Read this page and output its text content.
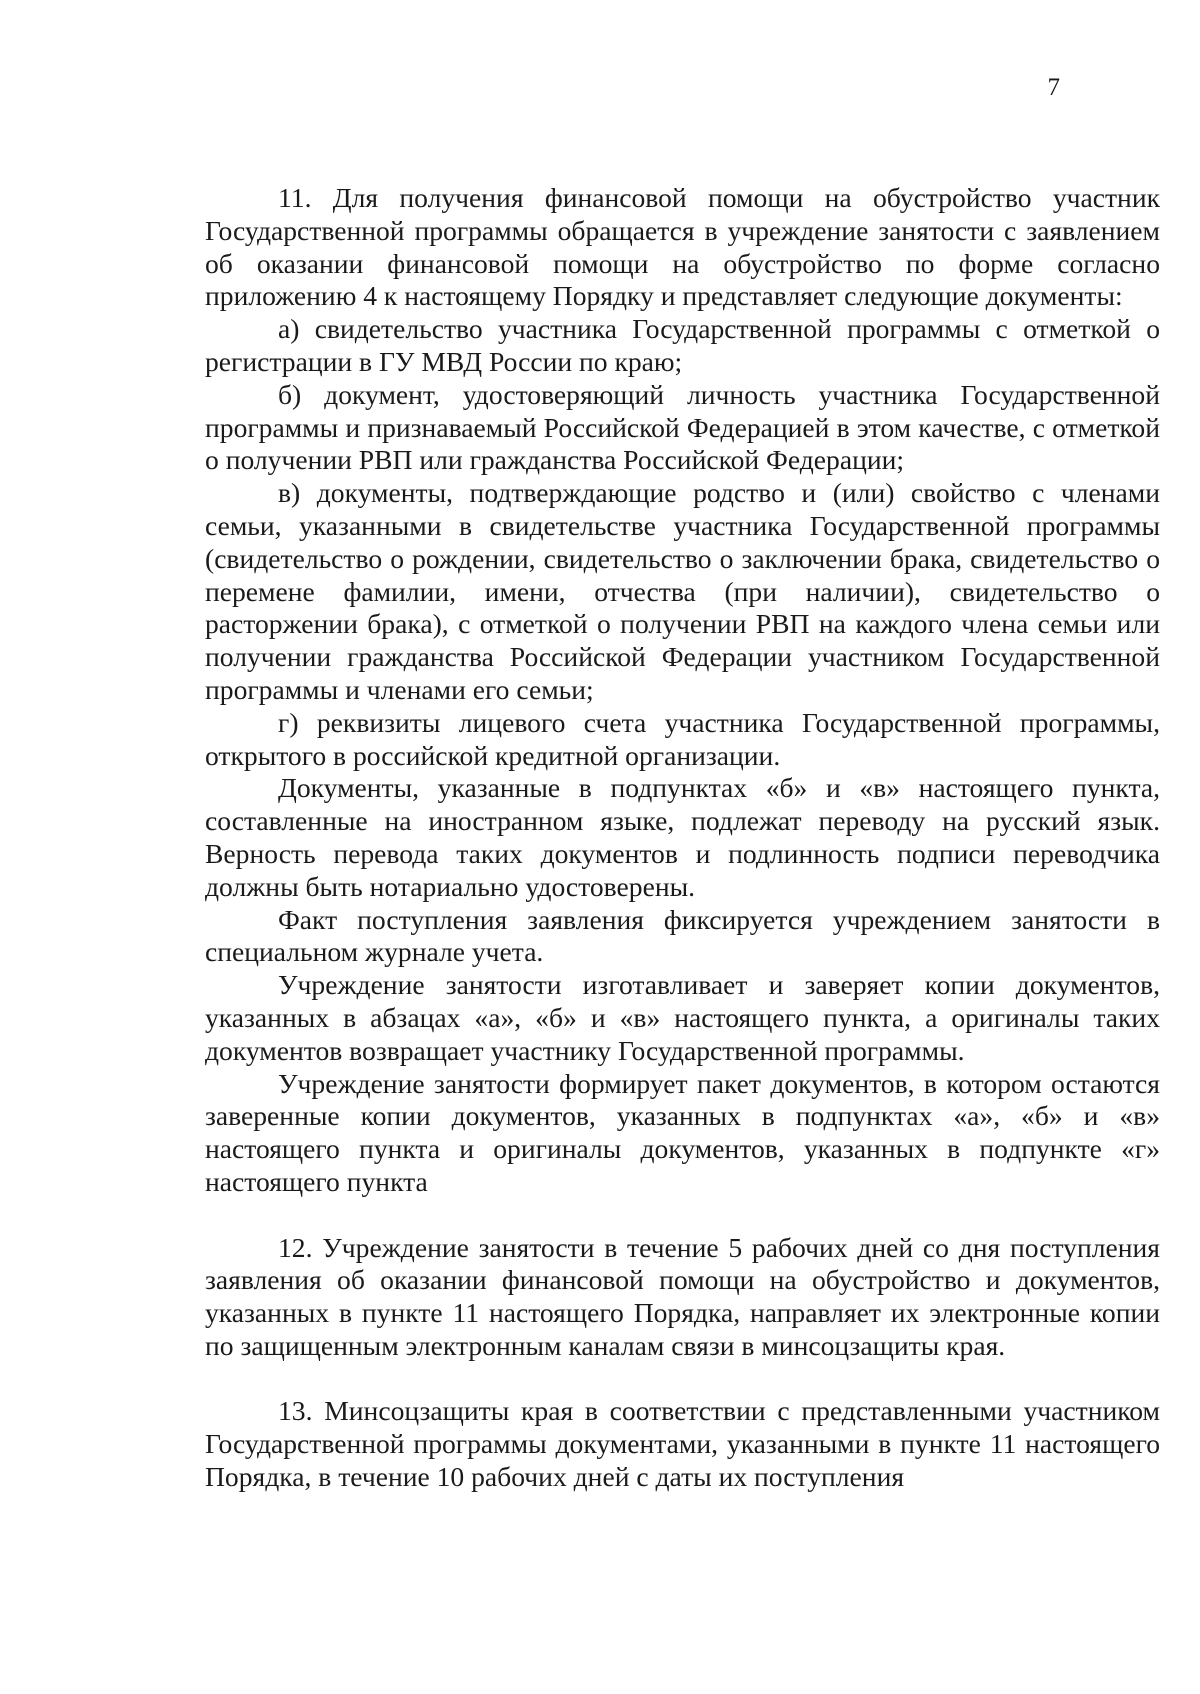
7

11. Для получения финансовой помощи на обустройство участник Государственной программы обращается в учреждение занятости с заявлением об оказании финансовой помощи на обустройство по форме согласно приложению 4 к настоящему Порядку и представляет следующие документы:

а) свидетельство участника Государственной программы с отметкой о регистрации в ГУ МВД России по краю;

б) документ, удостоверяющий личность участника Государственной программы и признаваемый Российской Федерацией в этом качестве, с отметкой о получении РВП или гражданства Российской Федерации;

в) документы, подтверждающие родство и (или) свойство с членами семьи, указанными в свидетельстве участника Государственной программы (свидетельство о рождении, свидетельство о заключении брака, свидетельство о перемене фамилии, имени, отчества (при наличии), свидетельство о расторжении брака), с отметкой о получении РВП на каждого члена семьи или получении гражданства Российской Федерации участником Государственной программы и членами его семьи;

г) реквизиты лицевого счета участника Государственной программы, открытого в российской кредитной организации.

Документы, указанные в подпунктах «б» и «в» настоящего пункта, составленные на иностранном языке, подлежат переводу на русский язык. Верность перевода таких документов и подлинность подписи переводчика должны быть нотариально удостоверены.

Факт поступления заявления фиксируется учреждением занятости в специальном журнале учета.

Учреждение занятости изготавливает и заверяет копии документов, указанных в абзацах «а», «б» и «в» настоящего пункта, а оригиналы таких документов возвращает участнику Государственной программы.

Учреждение занятости формирует пакет документов, в котором остаются заверенные копии документов, указанных в подпунктах «а», «б» и «в» настоящего пункта и оригиналы документов, указанных в подпункте «г» настоящего пункта

12. Учреждение занятости в течение 5 рабочих дней со дня поступления заявления об оказании финансовой помощи на обустройство и документов, указанных в пункте 11 настоящего Порядка, направляет их электронные копии по защищенным электронным каналам связи в минсоцзащиты края.

13. Минсоцзащиты края в соответствии с представленными участником Государственной программы документами, указанными в пункте 11 настоящего Порядка, в течение 10 рабочих дней с даты их поступления
